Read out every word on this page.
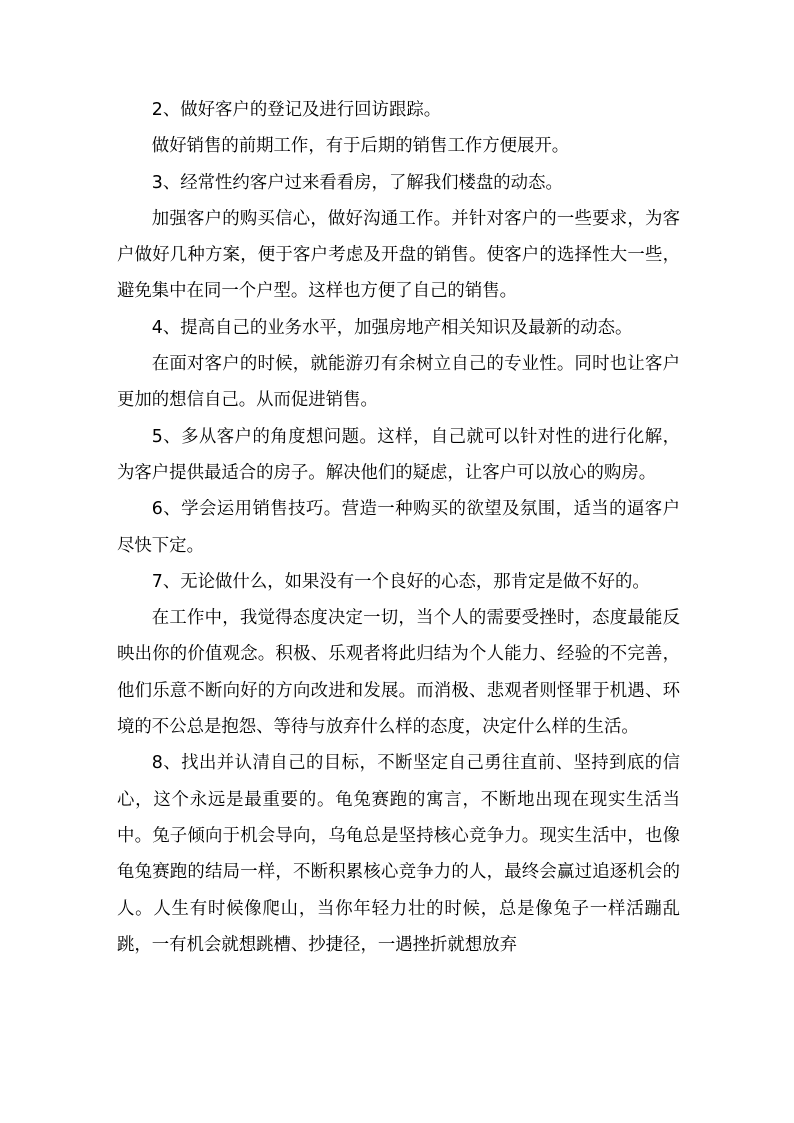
2、做好客户的登记及进行回访跟踪。

做好销售的前期工作，有于后期的销售工作方便展开。

3、经常性约客户过来看看房，了解我们楼盘的动态。

加强客户的购买信心，做好沟通工作。并针对客户的一些要求，为客户做好几种方案，便于客户考虑及开盘的销售。使客户的选择性大一些，避免集中在同一个户型。这样也方便了自己的销售。

4、提高自己的业务水平，加强房地产相关知识及最新的动态。

在面对客户的时候，就能游刃有余树立自己的专业性。同时也让客户更加的想信自己。从而促进销售。

5、多从客户的角度想问题。这样，自己就可以针对性的进行化解，为客户提供最适合的房子。解决他们的疑虑，让客户可以放心的购房。

6、学会运用销售技巧。营造一种购买的欲望及氛围，适当的逼客户尽快下定。

7、无论做什么，如果没有一个良好的心态，那肯定是做不好的。

在工作中，我觉得态度决定一切，当个人的需要受挫时，态度最能反映出你的价值观念。积极、乐观者将此归结为个人能力、经验的不完善，他们乐意不断向好的方向改进和发展。而消极、悲观者则怪罪于机遇、环境的不公总是抱怨、等待与放弃什么样的态度，决定什么样的生活。

8、找出并认清自己的目标，不断坚定自己勇往直前、坚持到底的信心，这个永远是最重要的。龟兔赛跑的寓言，不断地出现在现实生活当中。兔子倾向于机会导向，乌龟总是坚持核心竞争力。现实生活中，也像龟兔赛跑的结局一样，不断积累核心竞争力的人，最终会赢过追逐机会的人。人生有时候像爬山，当你年轻力壮的时候，总是像兔子一样活蹦乱跳，一有机会就想跳槽、抄捷径，一遇挫折就想放弃
